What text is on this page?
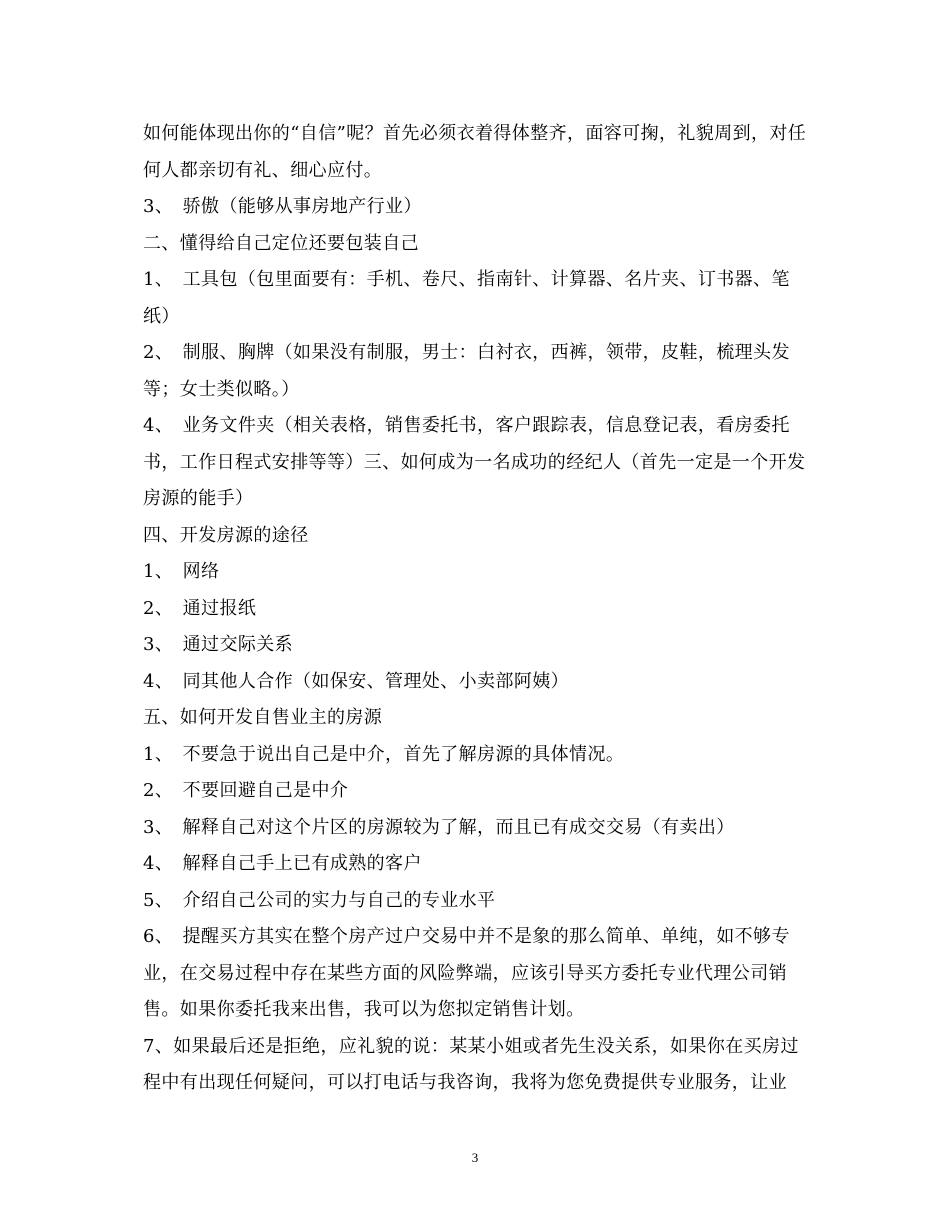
如何能体现出你的“自信”呢？首先必须衣着得体整齐，面容可掬，礼貌周到，对任何人都亲切有礼、细心应付。

3、　骄傲（能够从事房地产行业）

二、懂得给自己定位还要包装自己

1、　工具包（包里面要有：手机、卷尺、指南针、计算器、名片夹、订书器、笔纸）

2、　制服、胸牌（如果没有制服，男士：白衬衣，西裤，领带，皮鞋，梳理头发等；女士类似略。）

4、　业务文件夹（相关表格，销售委托书，客户跟踪表，信息登记表，看房委托书，工作日程式安排等等）三、如何成为一名成功的经纪人（首先一定是一个开发房源的能手）

四、开发房源的途径

1、　网络

2、　通过报纸

3、　通过交际关系

4、　同其他人合作（如保安、管理处、小卖部阿姨）

五、如何开发自售业主的房源

1、　不要急于说出自己是中介，首先了解房源的具体情况。

2、　不要回避自己是中介

3、　解释自己对这个片区的房源较为了解，而且已有成交交易（有卖出）

4、　解释自己手上已有成熟的客户

5、　介绍自己公司的实力与自己的专业水平

6、　提醒买方其实在整个房产过户交易中并不是象的那么简单、单纯，如不够专业，在交易过程中存在某些方面的风险弊端，应该引导买方委托专业代理公司销售。如果你委托我来出售，我可以为您拟定销售计划。

7、如果最后还是拒绝，应礼貌的说：某某小姐或者先生没关系，如果你在买房过程中有出现任何疑问，可以打电话与我咨询，我将为您免费提供专业服务，让业

3
